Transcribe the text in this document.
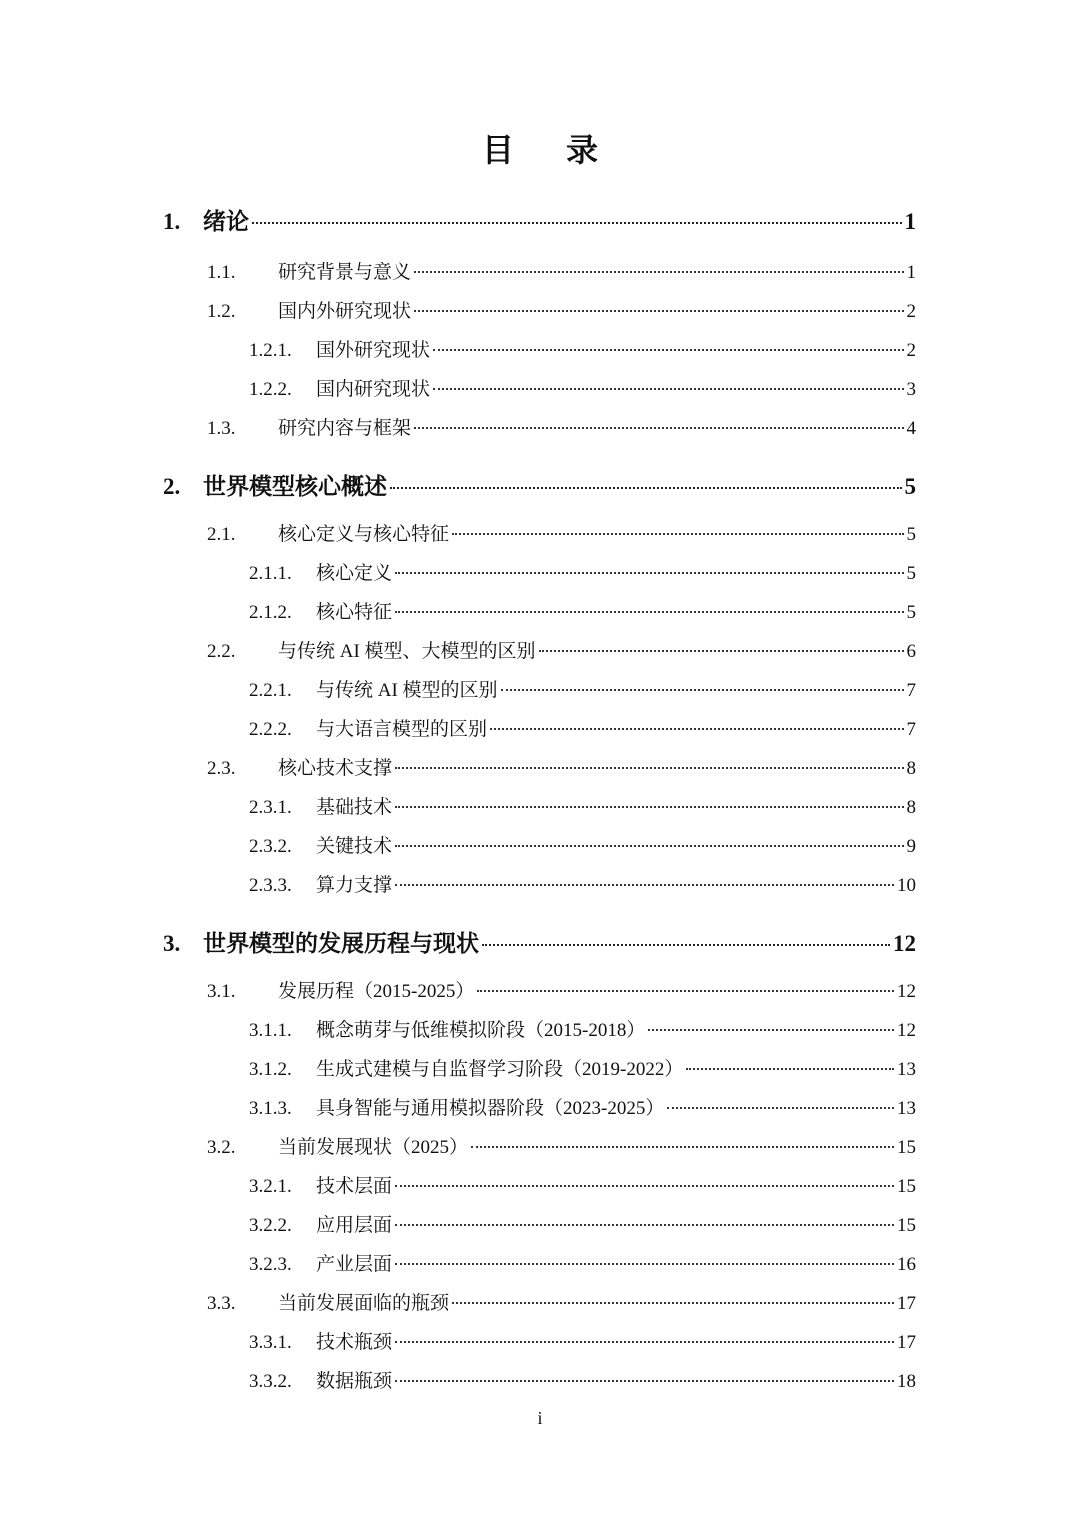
目 录
1. 绪论	1
1.1.	研究背景与意义	1
1.2.	国内外研究现状	2
1.2.1.	国外研究现状	2
1.2.2.	国内研究现状	3
1.3.	研究内容与框架	4
2. 世界模型核心概述	5
2.1.	核心定义与核心特征	5
2.1.1.	核心定义	5
2.1.2.	核心特征	5
2.2.	与传统 AI 模型、大模型的区别	6
2.2.1.	与传统 AI 模型的区别	7
2.2.2.	与大语言模型的区别	7
2.3.	核心技术支撑	8
2.3.1.	基础技术	8
2.3.2.	关键技术	9
2.3.3.	算力支撑	10
3. 世界模型的发展历程与现状	12
3.1.	发展历程（2015-2025）	12
3.1.1.	概念萌芽与低维模拟阶段（2015-2018）	12
3.1.2.	生成式建模与自监督学习阶段（2019-2022）	13
3.1.3.	具身智能与通用模拟器阶段（2023-2025）	13
3.2.	当前发展现状（2025）	15
3.2.1.	技术层面	15
3.2.2.	应用层面	15
3.2.3.	产业层面	16
3.3.	当前发展面临的瓶颈	17
3.3.1.	技术瓶颈	17
3.3.2.	数据瓶颈	18
i
